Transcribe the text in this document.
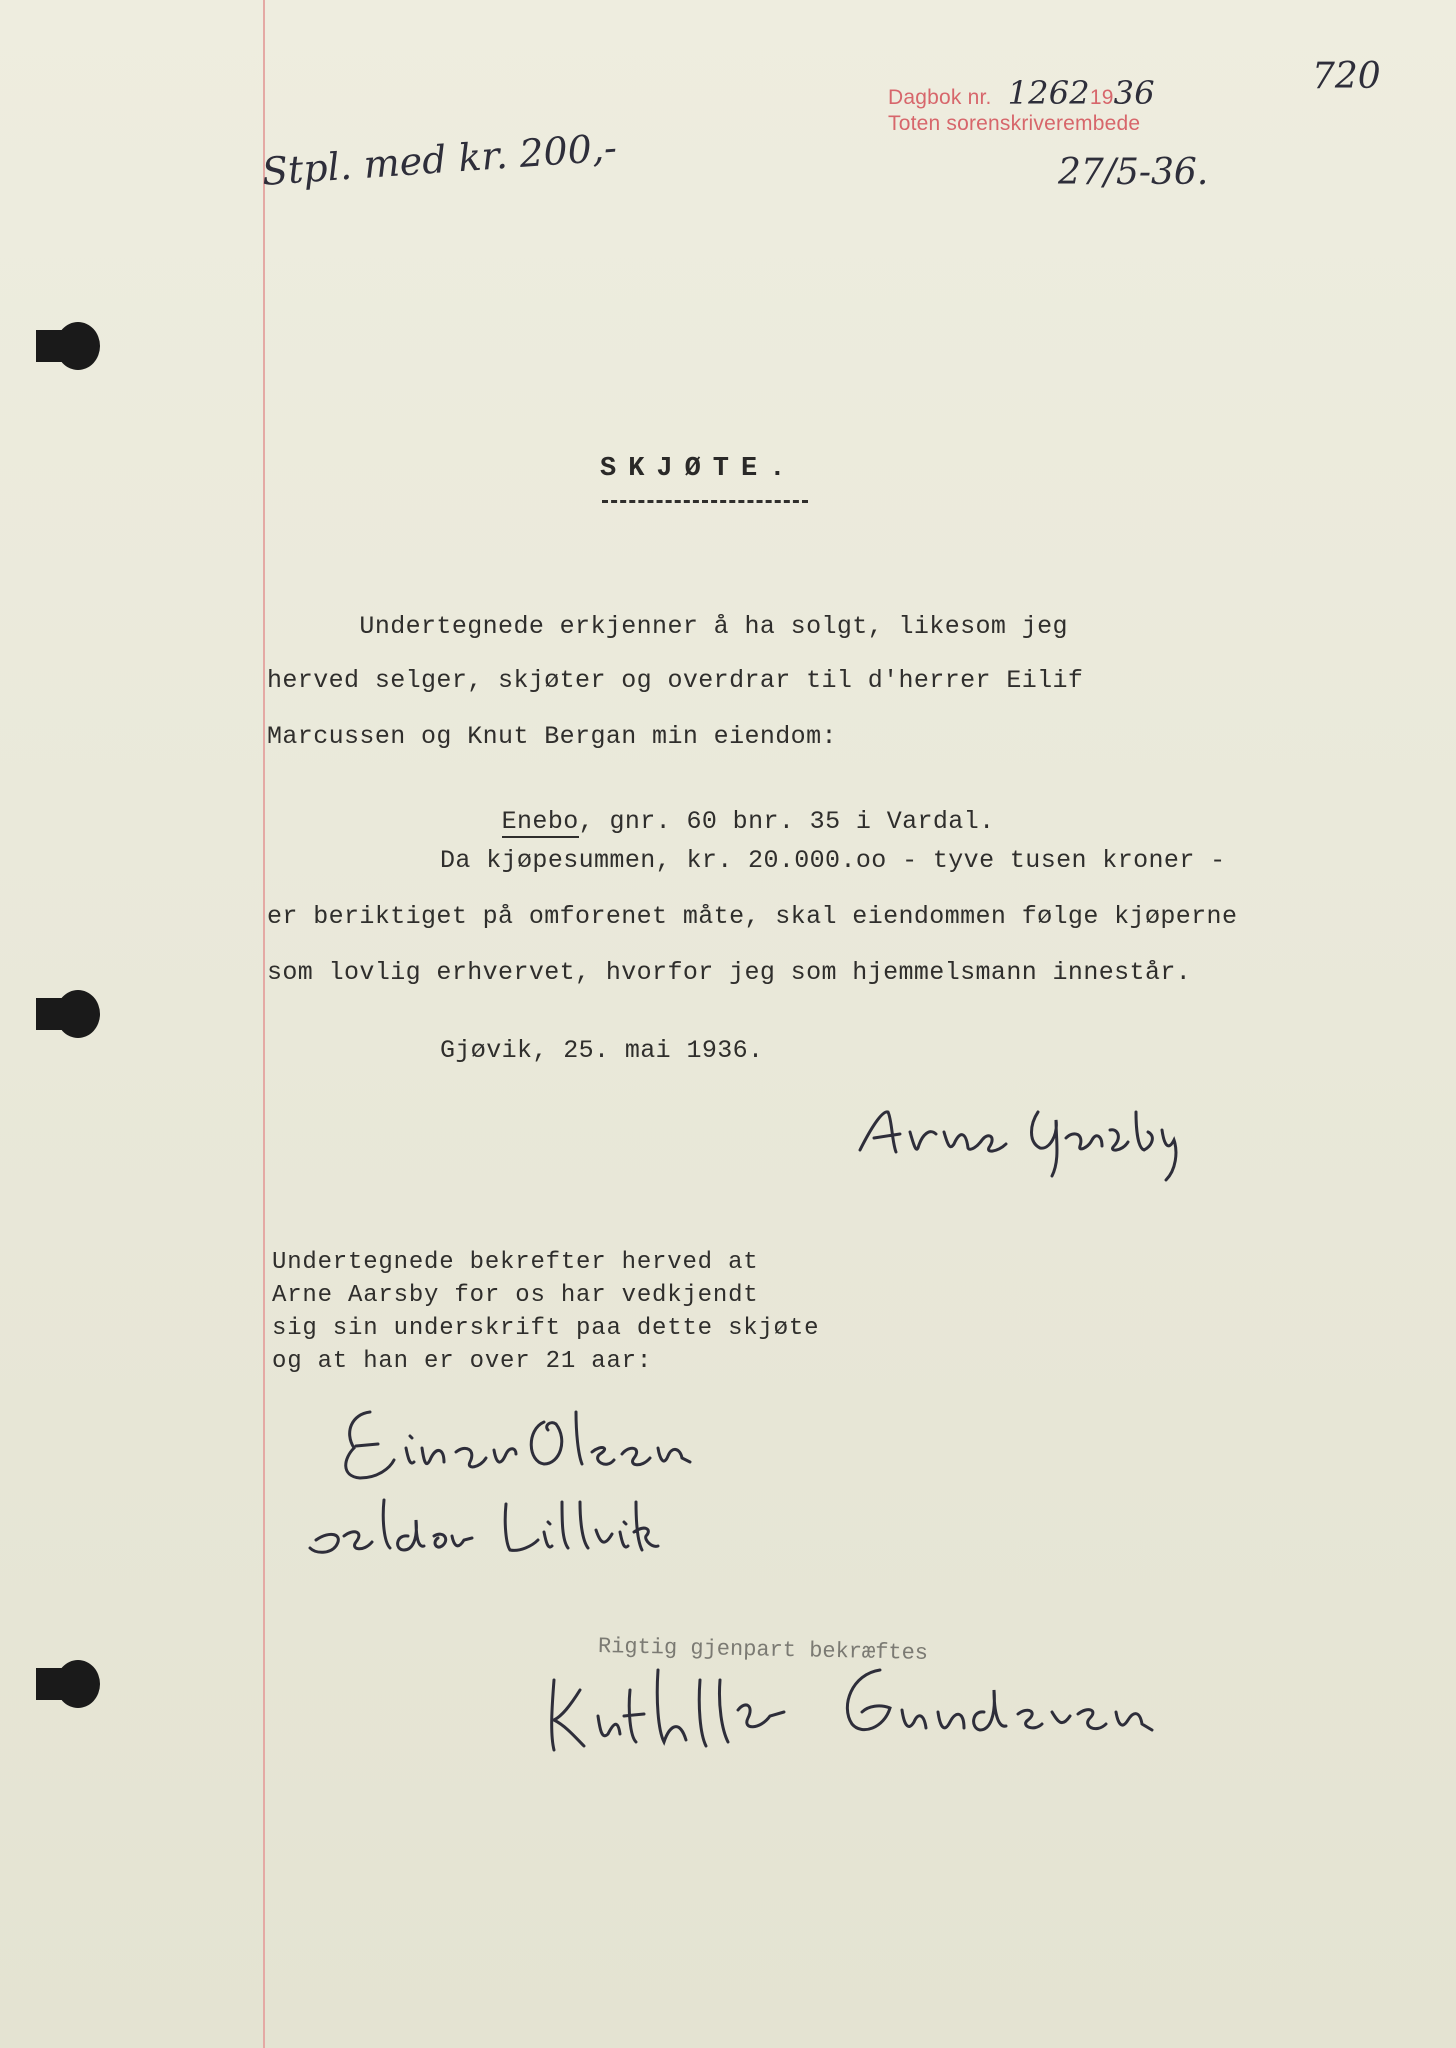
Dagbok nr. 12621936
Toten sorenskriverembede
27/5-36.
720
Stpl. med kr. 200,-
SKJØTE.
Undertegnede erkjenner å ha solgt, likesom jeg
herved selger, skjøter og overdrar til d'herrer Eilif
Marcussen og Knut Bergan min eiendom:

Enebo, gnr. 60 bnr. 35 i Vardal.

Da kjøpesummen, kr. 20.000.oo - tyve tusen kroner -
er beriktiget på omforenet måte, skal eiendommen følge kjøperne
som lovlig erhvervet, hvorfor jeg som hjemmelsmann innestår.
Gjøvik, 25. mai 1936.
Undertegnede bekrefter herved at
Arne Aarsby for os har vedkjendt
sig sin underskrift paa dette skjøte
og at han er over 21 aar:
Rigtig gjenpart bekræftes
